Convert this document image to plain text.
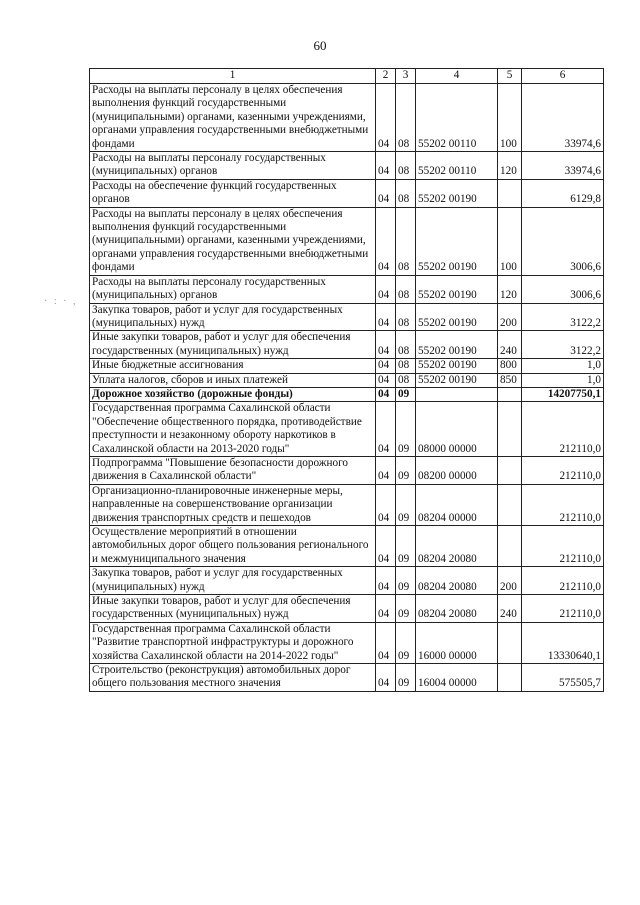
60
· : · ,
1	2	3	4	5	6
Расходы на выплаты персоналу в целях обеспечения выполнения функций государственными (муниципальными) органами, казенными учреждениями, органами управления государственными внебюджетными фондами	04	08	55202 00110	100	33974,6
Расходы на выплаты персоналу государственных (муниципальных) органов	04	08	55202 00110	120	33974,6
Расходы на обеспечение функций государственных органов	04	08	55202 00190		6129,8
Расходы на выплаты персоналу в целях обеспечения выполнения функций государственными (муниципальными) органами, казенными учреждениями, органами управления государственными внебюджетными фондами	04	08	55202 00190	100	3006,6
Расходы на выплаты персоналу государственных (муниципальных) органов	04	08	55202 00190	120	3006,6
Закупка товаров, работ и услуг для государственных (муниципальных) нужд	04	08	55202 00190	200	3122,2
Иные закупки товаров, работ и услуг для обеспечения государственных (муниципальных) нужд	04	08	55202 00190	240	3122,2
Иные бюджетные ассигнования	04	08	55202 00190	800	1,0
Уплата налогов, сборов и иных платежей	04	08	55202 00190	850	1,0
Дорожное хозяйство (дорожные фонды)	04	09			14207750,1
Государственная программа Сахалинской области "Обеспечение общественного порядка, противодействие преступности и незаконному обороту наркотиков в Сахалинской области на 2013-2020 годы"	04	09	08000 00000		212110,0
Подпрограмма "Повышение безопасности дорожного движения в Сахалинской области"	04	09	08200 00000		212110,0
Организационно-планировочные инженерные меры, направленные на совершенствование организации движения транспортных средств и пешеходов	04	09	08204 00000		212110,0
Осуществление мероприятий в отношении автомобильных дорог общего пользования регионального и межмуниципального значения	04	09	08204 20080		212110,0
Закупка товаров, работ и услуг для государственных (муниципальных) нужд	04	09	08204 20080	200	212110,0
Иные закупки товаров, работ и услуг для обеспечения государственных (муниципальных) нужд	04	09	08204 20080	240	212110,0
Государственная программа Сахалинской области "Развитие транспортной инфраструктуры и дорожного хозяйства Сахалинской области на 2014-2022 годы"	04	09	16000 00000		13330640,1
Строительство (реконструкция) автомобильных дорог общего пользования местного значения	04	09	16004 00000		575505,7
